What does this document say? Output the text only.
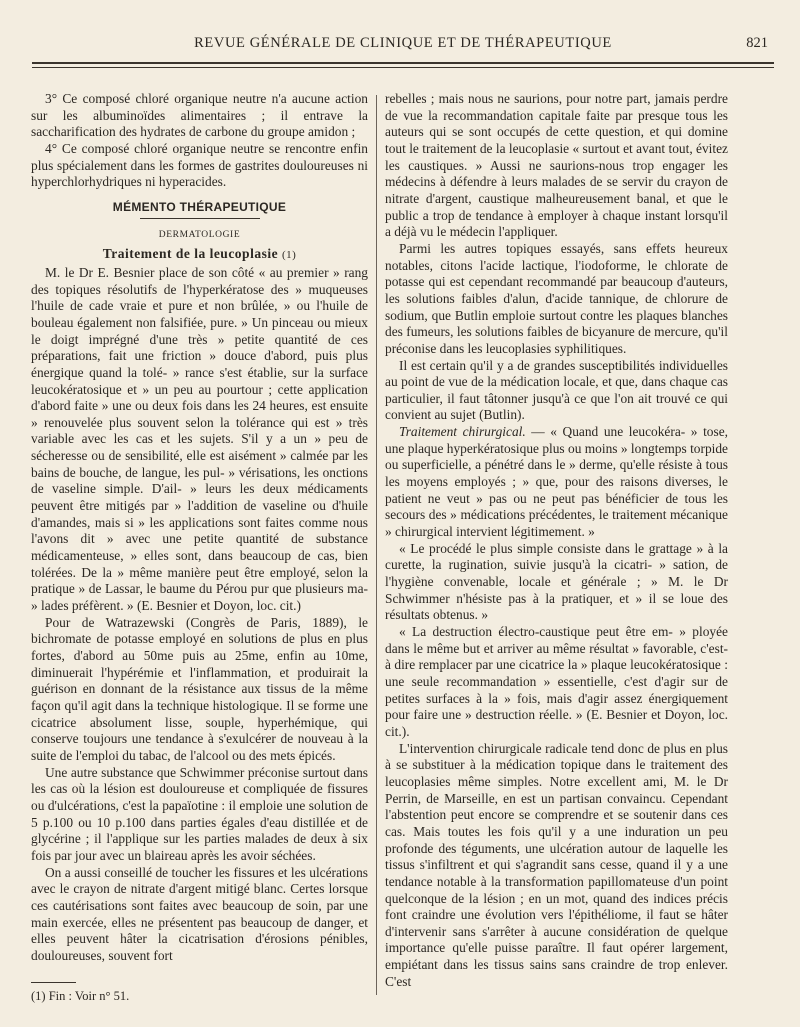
REVUE GÉNÉRALE DE CLINIQUE ET DE THÉRAPEUTIQUE	821

3° Ce composé chloré organique neutre n'a aucune action sur les albuminoïdes alimentaires ; il entrave la saccharification des hydrates de carbone du groupe amidon ;

4° Ce composé chloré organique neutre se rencontre enfin plus spécialement dans les formes de gastrites douloureuses ni hyperchlorhydriques ni hyperacides.

MÉMENTO THÉRAPEUTIQUE
DERMATOLOGIE
Traitement de la leucoplasie (1)

M. le Dr E. Besnier place de son côté « au premier » rang des topiques résolutifs de l'hyperkératose des » muqueuses l'huile de cade vraie et pure et non brûlée, » ou l'huile de bouleau également non falsifiée, pure. » Un pinceau ou mieux le doigt imprégné d'une très » petite quantité de ces préparations, fait une friction » douce d'abord, puis plus énergique quand la tolé- » rance s'est établie, sur la surface leucokératosique et » un peu au pourtour ; cette application d'abord faite » une ou deux fois dans les 24 heures, est ensuite » renouvelée plus souvent selon la tolérance qui est » très variable avec les cas et les sujets. S'il y a un » peu de sécheresse ou de sensibilité, elle est aisément » calmée par les bains de bouche, de langue, les pul- » vérisations, les onctions de vaseline simple. D'ail- » leurs les deux médicaments peuvent être mitigés par » l'addition de vaseline ou d'huile d'amandes, mais si » les applications sont faites comme nous l'avons dit » avec une petite quantité de substance médicamenteuse, » elles sont, dans beaucoup de cas, bien tolérées. De la » même manière peut être employé, selon la pratique » de Lassar, le baume du Pérou pur que plusieurs ma- » lades préfèrent. » (E. Besnier et Doyon, loc. cit.)

Pour de Watrazewski (Congrès de Paris, 1889), le bichromate de potasse employé en solutions de plus en plus fortes, d'abord au 50me puis au 25me, enfin au 10me, diminuerait l'hypérémie et l'inflammation, et produirait la guérison en donnant de la résistance aux tissus de la même façon qu'il agit dans la technique histologique. Il se forme une cicatrice absolument lisse, souple, hyperhémique, qui conserve toujours une tendance à s'exulcérer de nouveau à la suite de l'emploi du tabac, de l'alcool ou des mets épicés.

Une autre substance que Schwimmer préconise surtout dans les cas où la lésion est douloureuse et compliquée de fissures ou d'ulcérations, c'est la papaïotine : il emploie une solution de 5 p.100 ou 10 p.100 dans parties égales d'eau distillée et de glycérine ; il l'applique sur les parties malades de deux à six fois par jour avec un blaireau après les avoir séchées.

On a aussi conseillé de toucher les fissures et les ulcérations avec le crayon de nitrate d'argent mitigé blanc. Certes lorsque ces cautérisations sont faites avec beaucoup de soin, par une main exercée, elles ne présentent pas beaucoup de danger, et elles peuvent hâter la cicatrisation d'érosions pénibles, douloureuses, souvent fort

rebelles ; mais nous ne saurions, pour notre part, jamais perdre de vue la recommandation capitale faite par presque tous les auteurs qui se sont occupés de cette question, et qui domine tout le traitement de la leucoplasie « surtout et avant tout, évitez les caustiques. » Aussi ne saurions-nous trop engager les médecins à défendre à leurs malades de se servir du crayon de nitrate d'argent, caustique malheureusement banal, et que le public a trop de tendance à employer à chaque instant lorsqu'il a déjà vu le médecin l'appliquer.

Parmi les autres topiques essayés, sans effets heureux notables, citons l'acide lactique, l'iodoforme, le chlorate de potasse qui est cependant recommandé par beaucoup d'auteurs, les solutions faibles d'alun, d'acide tannique, de chlorure de sodium, que Butlin emploie surtout contre les plaques blanches des fumeurs, les solutions faibles de bicyanure de mercure, qu'il préconise dans les leucoplasies syphilitiques.

Il est certain qu'il y a de grandes susceptibilités individuelles au point de vue de la médication locale, et que, dans chaque cas particulier, il faut tâtonner jusqu'à ce que l'on ait trouvé ce qui convient au sujet (Butlin).

Traitement chirurgical. — « Quand une leucokéra- » tose, une plaque hyperkératosique plus ou moins » longtemps torpide ou superficielle, a pénétré dans le » derme, qu'elle résiste à tous les moyens employés ; » que, pour des raisons diverses, le patient ne veut » pas ou ne peut pas bénéficier de tous les secours des » médications précédentes, le traitement mécanique » chirurgical intervient légitimement. »

« Le procédé le plus simple consiste dans le grattage » à la curette, la rugination, suivie jusqu'à la cicatri- » sation, de l'hygiène convenable, locale et générale ; » M. le Dr Schwimmer n'hésiste pas à la pratiquer, et » il se loue des résultats obtenus. »

« La destruction électro-caustique peut être em- » ployée dans le même but et arriver au même résultat » favorable, c'est-à dire remplacer par une cicatrice la » plaque leucokératosique : une seule recommandation » essentielle, c'est d'agir sur de petites surfaces à la » fois, mais d'agir assez énergiquement pour faire une » destruction réelle. » (E. Besnier et Doyon, loc. cit.).

L'intervention chirurgicale radicale tend donc de plus en plus à se substituer à la médication topique dans le traitement des leucoplasies même simples. Notre excellent ami, M. le Dr Perrin, de Marseille, en est un partisan convaincu. Cependant l'abstention peut encore se comprendre et se soutenir dans ces cas. Mais toutes les fois qu'il y a une induration un peu profonde des téguments, une ulcération autour de laquelle les tissus s'infiltrent et qui s'agrandit sans cesse, quand il y a une tendance notable à la transformation papillomateuse d'un point quelconque de la lésion ; en un mot, quand des indices précis font craindre une évolution vers l'épithéliome, il faut se hâter d'intervenir sans s'arrêter à aucune considération de quelque importance qu'elle puisse paraître. Il faut opérer largement, empiétant dans les tissus sains sans craindre de trop enlever. C'est

(1) Fin : Voir n° 51.
